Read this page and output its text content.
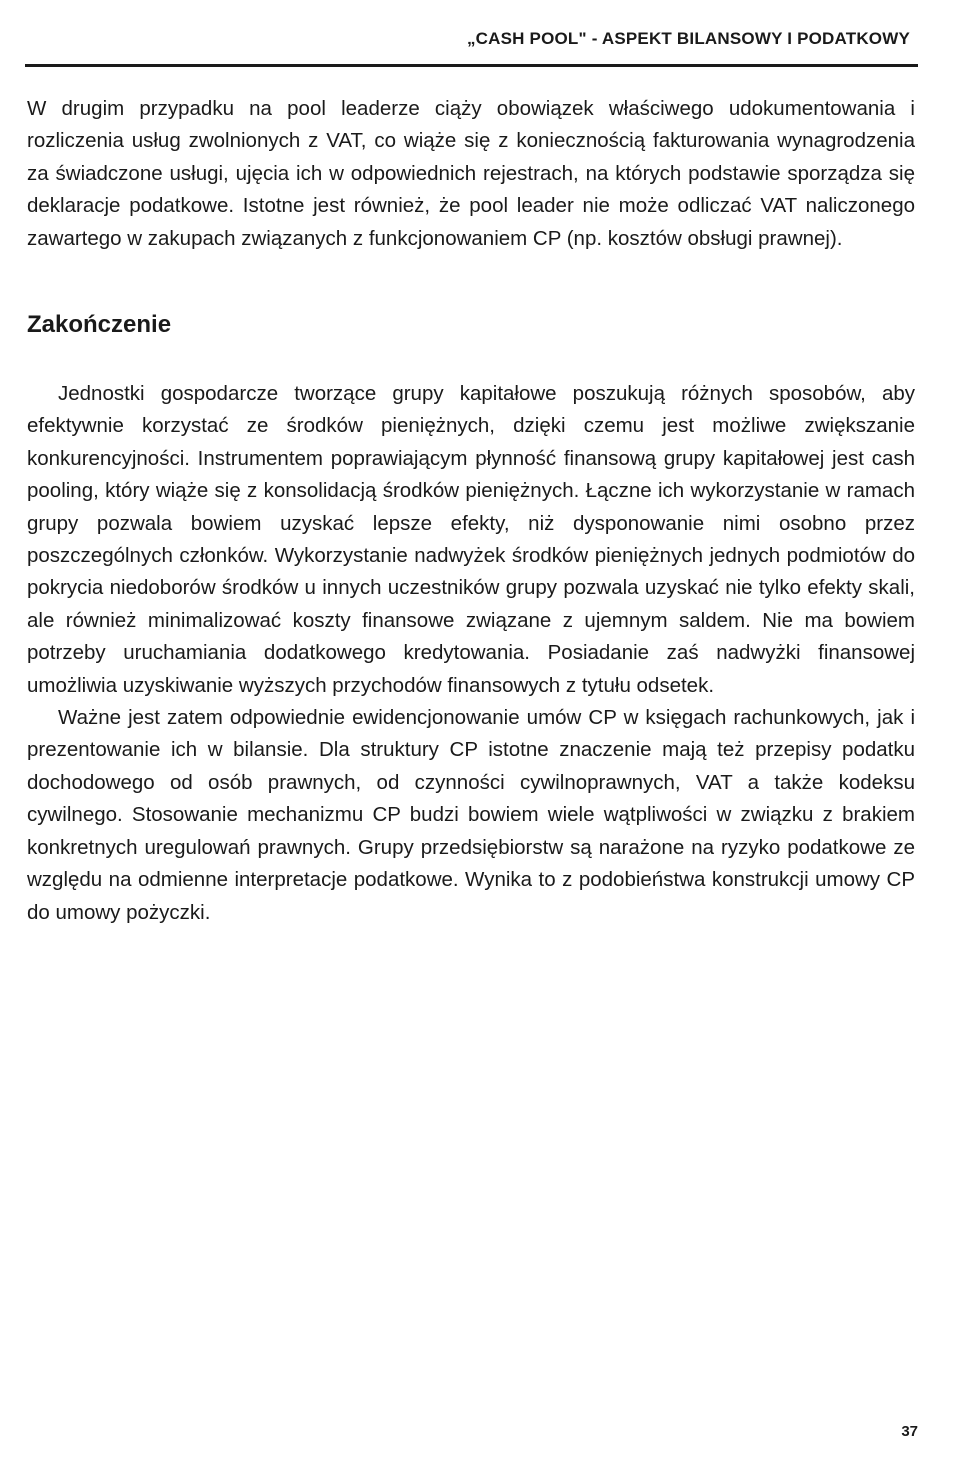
„CASH POOL" - ASPEKT BILANSOWY I PODATKOWY

W drugim przypadku na pool leaderze ciąży obowiązek właściwego udokumentowania i rozliczenia usług zwolnionych z VAT, co wiąże się z koniecznością fakturowania wynagrodzenia za świadczone usługi, ujęcia ich w odpowiednich rejestrach, na których podstawie sporządza się deklaracje podatkowe. Istotne jest również, że pool leader nie może odliczać VAT naliczonego zawartego w zakupach związanych z funkcjonowaniem CP (np. kosztów obsługi prawnej).

Zakończenie

Jednostki gospodarcze tworzące grupy kapitałowe poszukują różnych sposobów, aby efektywnie korzystać ze środków pieniężnych, dzięki czemu jest możliwe zwiększanie konkurencyjności. Instrumentem poprawiającym płynność finansową grupy kapitałowej jest cash pooling, który wiąże się z konsolidacją środków pieniężnych. Łączne ich wykorzystanie w ramach grupy pozwala bowiem uzyskać lepsze efekty, niż dysponowanie nimi osobno przez poszczególnych członków. Wykorzystanie nadwyżek środków pieniężnych jednych podmiotów do pokrycia niedoborów środków u innych uczestników grupy pozwala uzyskać nie tylko efekty skali, ale również minimalizować koszty finansowe związane z ujemnym saldem. Nie ma bowiem potrzeby uruchamiania dodatkowego kredytowania. Posiadanie zaś nadwyżki finansowej umożliwia uzyskiwanie wyższych przychodów finansowych z tytułu odsetek.

Ważne jest zatem odpowiednie ewidencjonowanie umów CP w księgach rachunkowych, jak i prezentowanie ich w bilansie. Dla struktury CP istotne znaczenie mają też przepisy podatku dochodowego od osób prawnych, od czynności cywilnoprawnych, VAT a także kodeksu cywilnego. Stosowanie mechanizmu CP budzi bowiem wiele wątpliwości w związku z brakiem konkretnych uregulowań prawnych. Grupy przedsiębiorstw są narażone na ryzyko podatkowe ze względu na odmienne interpretacje podatkowe. Wynika to z podobieństwa konstrukcji umowy CP do umowy pożyczki.

37
